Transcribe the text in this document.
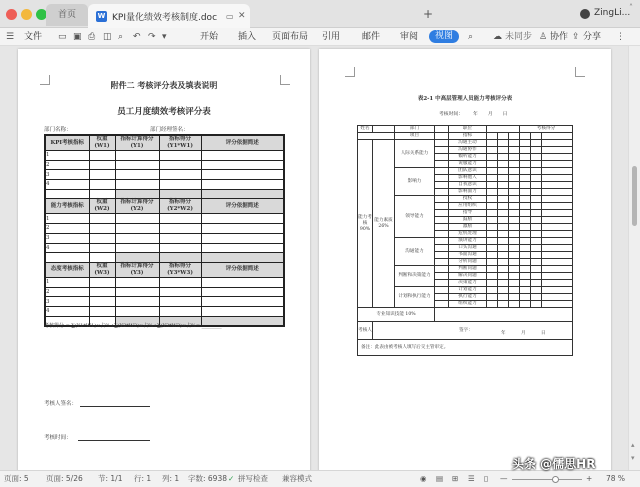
首页	W KPI量化绩效考核制度.doc ▭ ✕	+	ZingLi...
˄
☰ 文件 ▭ ▣ ⎙ ◫ ⌕ ↶ ↷ ▾	开始 插入 页面布局 引用 邮件 审阅	视图	⌕ ☁ 未同步 ♙ 协作 ⇪ 分享 ⋮
附件二 考核评分表及填表说明
员工月度绩效考核评分表
部门名称：	部门经理签名：
KPI考核指标	权重 (W1)	指标计算得分 (Y1)	指标得分 (Y1*W1)	评分依据简述
1				
2				
3				
4				

能力考核指标	权重 (W2)	指标计算得分 (Y2)	指标得分 (Y2*W2)	评分依据简述
1				
2				
3				
4				

态度考核指标	权重 (W3)	指标计算得分 (Y3)	指标得分 (Y3*W3)	评分依据简述
1				
2				
3				
4				

考核得分 = ∑(Y1*W1)×占%+∑(Y2*W2)×占%+∑(Y3*W3)×占%= ________
考核人签名：
考核时间：
表2-1 中高层管理人员能力考核评分表
考核时间： 年 月 日
姓名		部门		职位				考核得分		
		项目		指标						
能力考核 90%	能力素质 26%	人际关系能力		沟通主动						
				沟通协作						
				倾听能力						
				说服能力						
		影响力		团队意识						
				影响他人						
				自我意识						
				影响面力						
		领导能力		授权						
				应用组织						
				指导						
				鼓励						
				激励						
				危机处理						
		沟通能力		演讲能力						
				口头沟通						
				书面沟通						
				分析问题						
		判断和决策能力		判断问题						
				解决问题						
				决策能力						
		计划和执行能力		计划能力						
				执行能力						
				组织能力						
专业知识技能 10%										
考核人	签字：
年 月 日									

备注：此表由被考核人填写后交主管审定。										
▴
▾
页面: 5 页面: 5/26 节: 1/1 行: 1 列: 1 字数: 6938 ✓ 拼写检查 兼容模式	◉ ▤ ⊞ ☰ ▯ —	+ 78 %
头条 @儒思HR
